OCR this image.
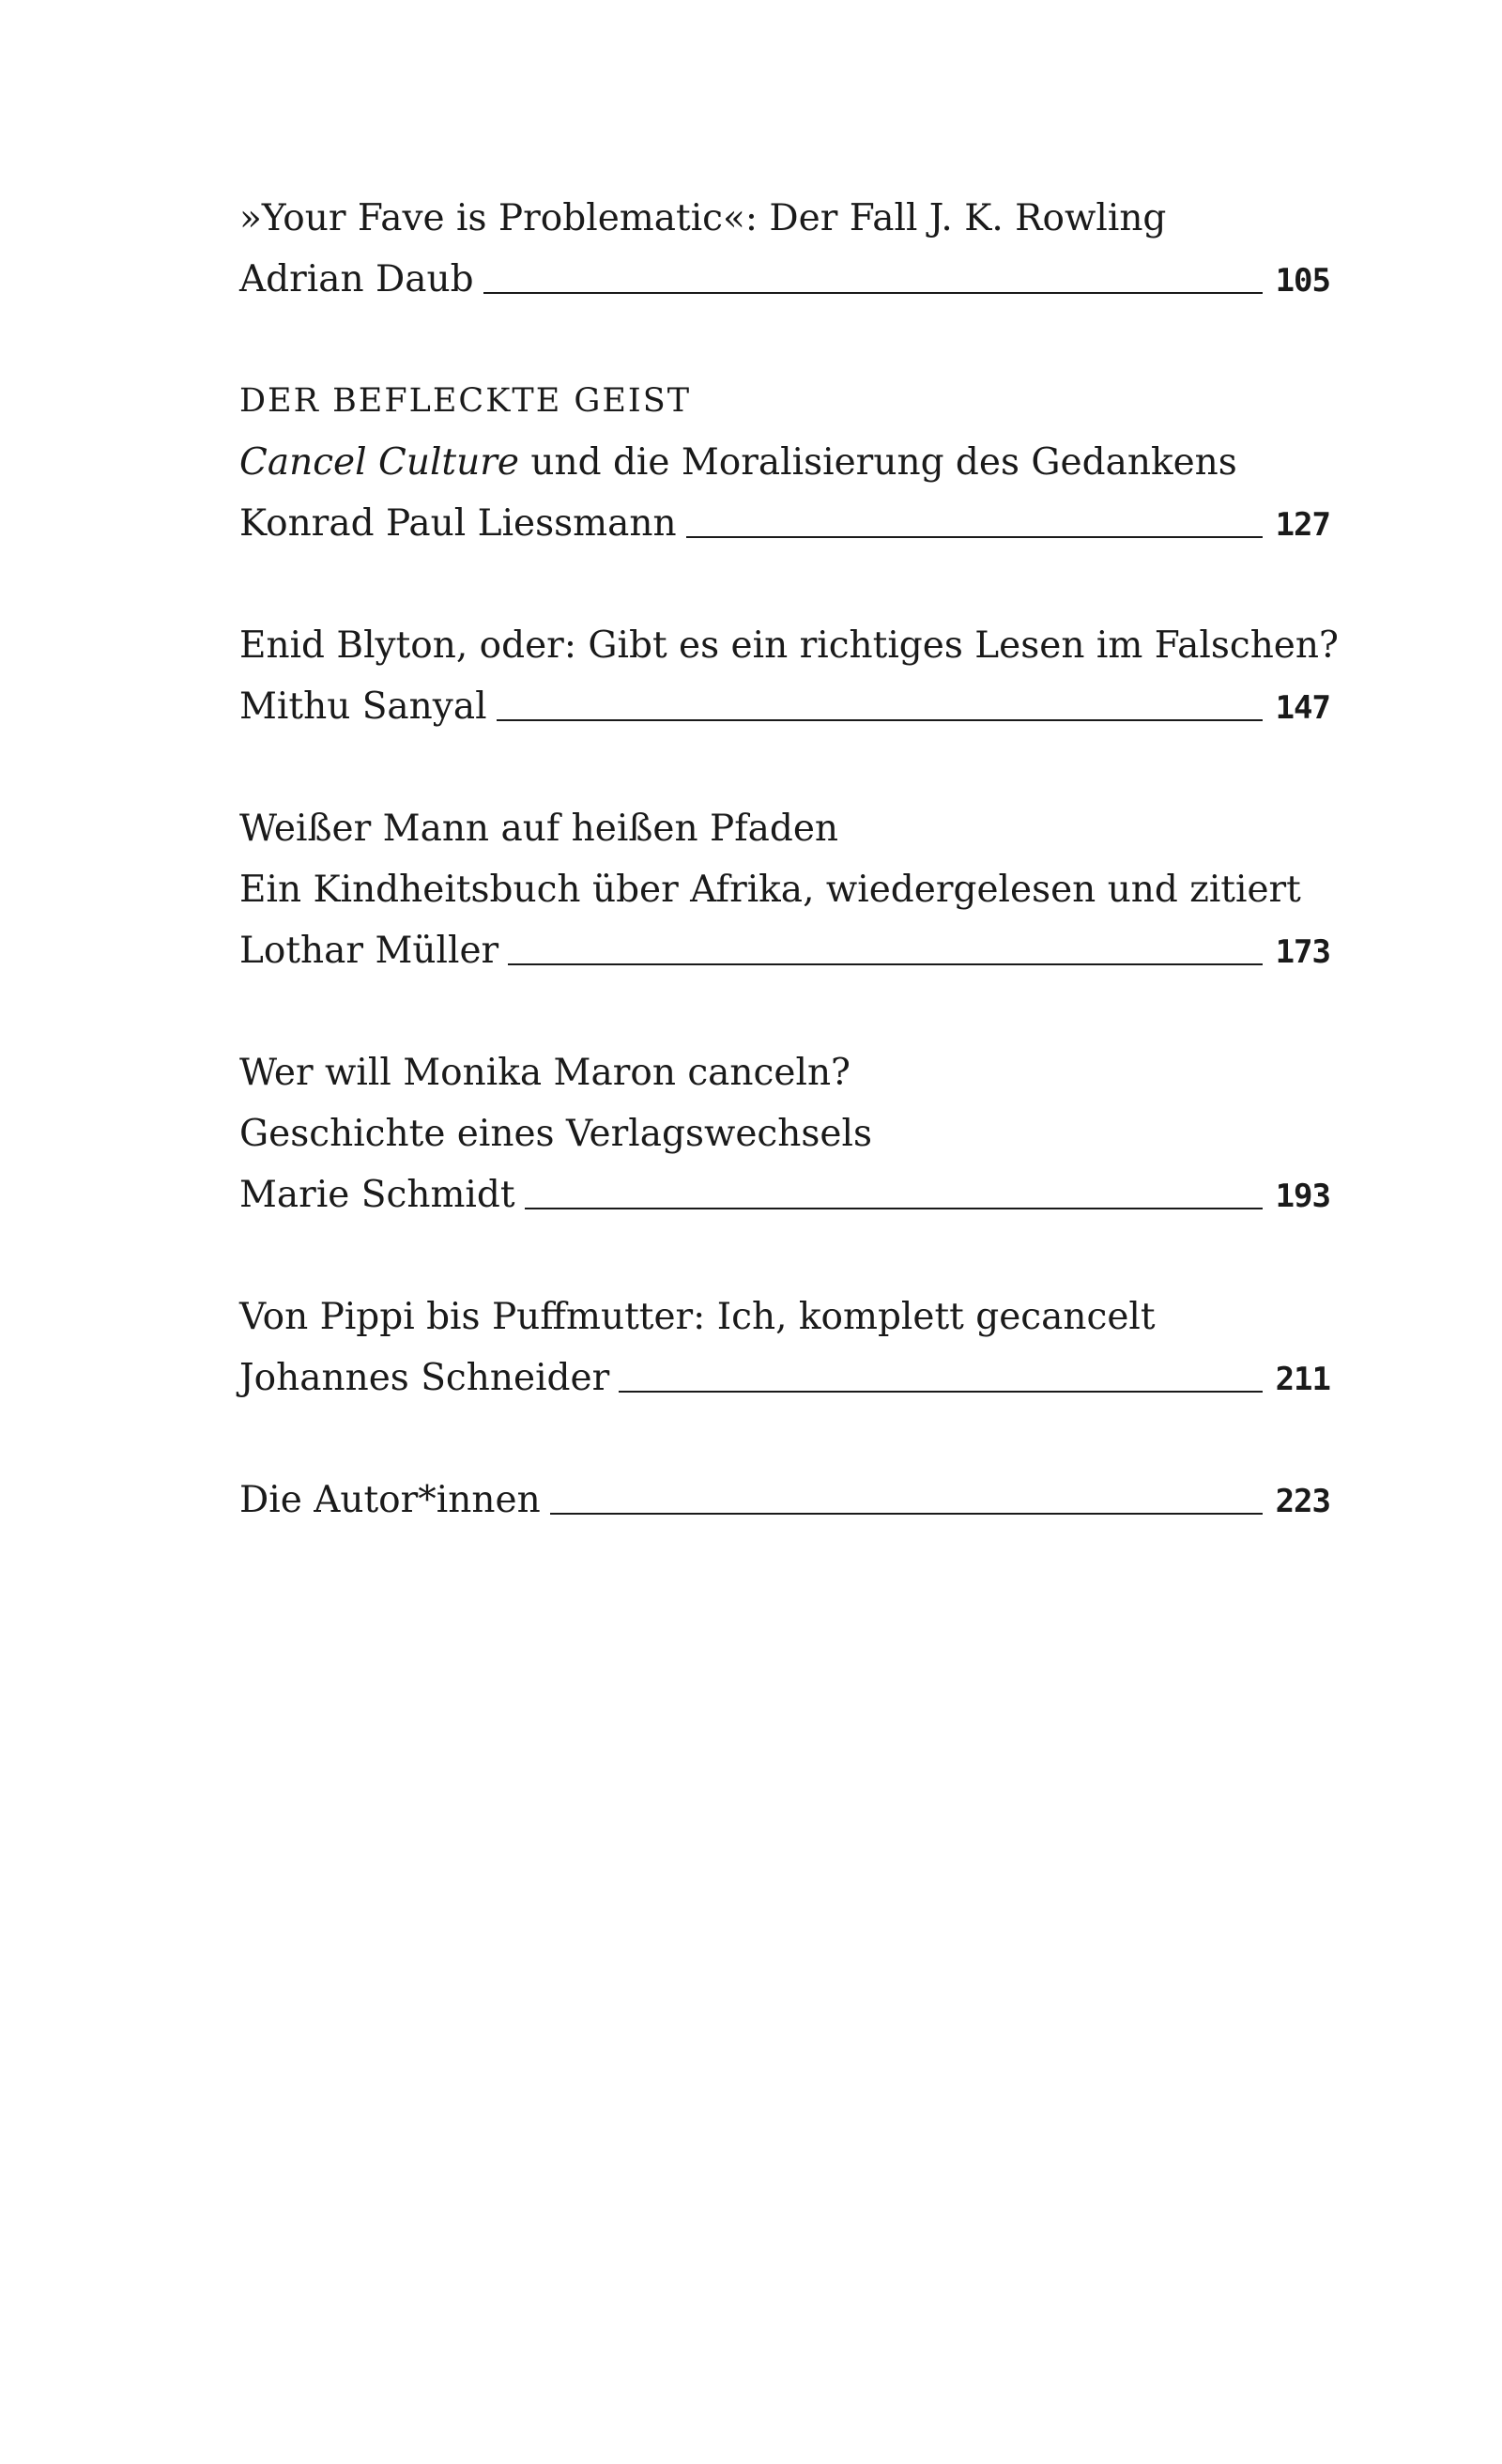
»Your Fave is Problematic«: Der Fall J. K. Rowling
Adrian Daub	105
DER BEFLECKTE GEIST
Cancel Culture und die Moralisierung des Gedankens
Konrad Paul Liessmann	127
Enid Blyton, oder: Gibt es ein richtiges Lesen im Falschen?
Mithu Sanyal	147
Weißer Mann auf heißen Pfaden
Ein Kindheitsbuch über Afrika, wiedergelesen und zitiert
Lothar Müller	173
Wer will Monika Maron canceln?
Geschichte eines Verlagswechsels
Marie Schmidt	193
Von Pippi bis Puffmutter: Ich, komplett gecancelt
Johannes Schneider	211
Die Autor*innen	223
